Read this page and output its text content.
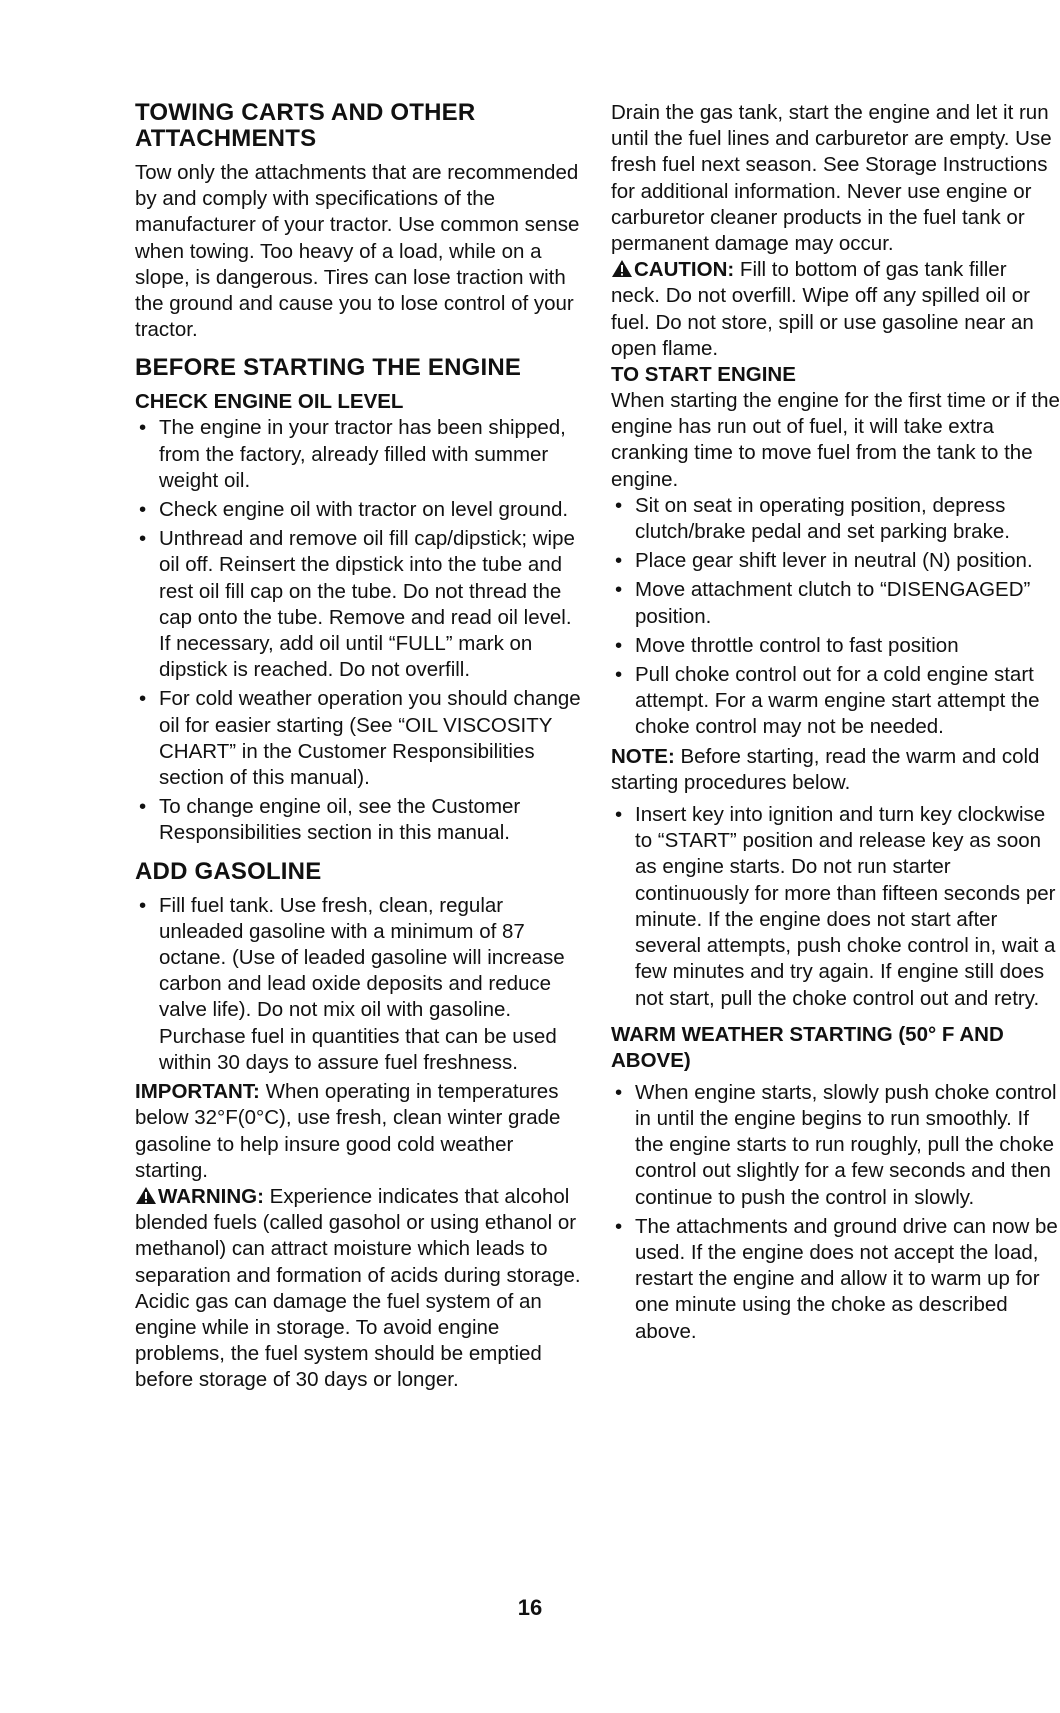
TOWING CARTS AND OTHER ATTACHMENTS

Tow only the attachments that are recommended by and comply with specifications of the manufacturer of your tractor. Use common sense when towing. Too heavy of a load, while on a slope, is dangerous. Tires can lose traction with the ground and cause you to lose control of your tractor.

BEFORE STARTING THE ENGINE
CHECK ENGINE OIL LEVEL
• The engine in your tractor has been shipped, from the factory, already filled with summer weight oil.
• Check engine oil with tractor on level ground.
• Unthread and remove oil fill cap/dipstick; wipe oil off. Reinsert the dipstick into the tube and rest oil fill cap on the tube. Do not thread the cap onto the tube. Remove and read oil level. If necessary, add oil until “FULL” mark on dipstick is reached. Do not overfill.
• For cold weather operation you should change oil for easier starting (See “OIL VISCOSITY CHART” in the Customer Responsibilities section of this manual).
• To change engine oil, see the Customer Responsibilities section in this manual.
ADD GASOLINE
• Fill fuel tank. Use fresh, clean, regular unleaded gasoline with a minimum of 87 octane. (Use of leaded gasoline will increase carbon and lead oxide deposits and reduce valve life). Do not mix oil with gasoline. Purchase fuel in quantities that can be used within 30 days to assure fuel freshness.

IMPORTANT: When operating in temperatures below 32°F(0°C), use fresh, clean winter grade gasoline to help insure good cold weather starting.

WARNING: Experience indicates that alcohol blended fuels (called gasohol or using ethanol or methanol) can attract moisture which leads to separation and formation of acids during storage. Acidic gas can damage the fuel system of an engine while in storage. To avoid engine problems, the fuel system should be emptied before storage of 30 days or longer.

Drain the gas tank, start the engine and let it run until the fuel lines and carburetor are empty. Use fresh fuel next season. See Storage Instructions for additional information. Never use engine or carburetor cleaner products in the fuel tank or permanent damage may occur.

CAUTION: Fill to bottom of gas tank filler neck. Do not overfill. Wipe off any spilled oil or fuel. Do not store, spill or use gasoline near an open flame.

TO START ENGINE

When starting the engine for the first time or if the engine has run out of fuel, it will take extra cranking time to move fuel from the tank to the engine.

• Sit on seat in operating position, depress clutch/brake pedal and set parking brake.
• Place gear shift lever in neutral (N) position.
• Move attachment clutch to “DISENGAGED” position.
• Move throttle control to fast position
• Pull choke control out for a cold engine start attempt. For a warm engine start attempt the choke control may not be needed.

NOTE: Before starting, read the warm and cold starting procedures below.

• Insert key into ignition and turn key clockwise to “START” position and release key as soon as engine starts. Do not run starter continuously for more than fifteen seconds per minute. If the engine does not start after several attempts, push choke control in, wait a few minutes and try again. If engine still does not start, pull the choke control out and retry.
WARM WEATHER STARTING (50° F AND ABOVE)
• When engine starts, slowly push choke control in until the engine begins to run smoothly. If the engine starts to run roughly, pull the choke control out slightly for a few seconds and then continue to push the control in slowly.
• The attachments and ground drive can now be used. If the engine does not accept the load, restart the engine and allow it to warm up for one minute using the choke as described above.
16
